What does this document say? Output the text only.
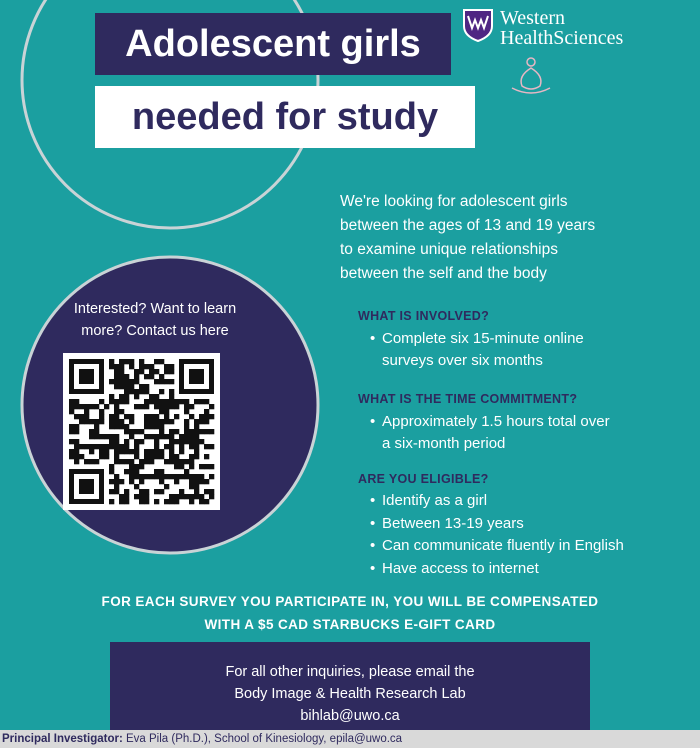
Adolescent girls
needed for study
Western
HealthSciences
We're looking for adolescent girls
between the ages of 13 and 19 years
to examine unique relationships
between the self and the body
WHAT IS INVOLVED?
• Complete six 15-minute online
surveys over six months
WHAT IS THE TIME COMMITMENT?
• Approximately 1.5 hours total over
a six-month period
ARE YOU ELIGIBLE?
• Identify as a girl
• Between 13-19 years
• Can communicate fluently in English
• Have access to internet
Interested? Want to learn
more? Contact us here
FOR EACH SURVEY YOU PARTICIPATE IN, YOU WILL BE COMPENSATED
WITH A $5 CAD STARBUCKS E-GIFT CARD
For all other inquiries, please email the
Body Image & Health Research Lab
bihlab@uwo.ca
Principal Investigator: Eva Pila (Ph.D.), School of Kinesiology, epila@uwo.ca
